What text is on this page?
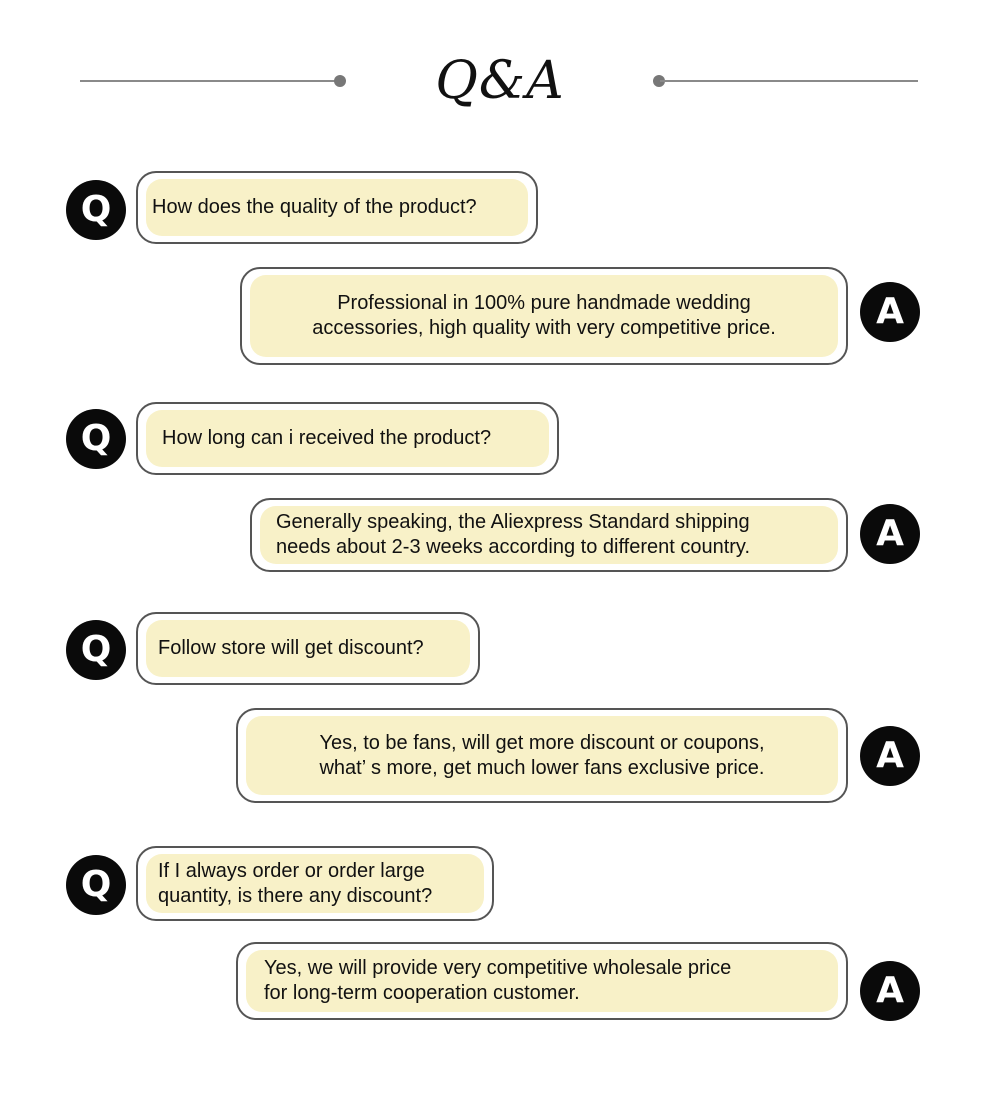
Q&A
Q	How does the quality of the product?
Professional in 100% pure handmade wedding
accessories, high quality with very competitive price.	A
Q	How long can i received the product?
Generally speaking, the Aliexpress Standard shipping
needs about 2-3 weeks according to different country.	A
Q	Follow store will get discount?
Yes, to be fans, will get more discount or coupons,
what’ s more, get much lower fans exclusive price.	A
Q	If I always order or order large
quantity, is there any discount?
Yes, we will provide very competitive wholesale price
for long-term cooperation customer.	A
